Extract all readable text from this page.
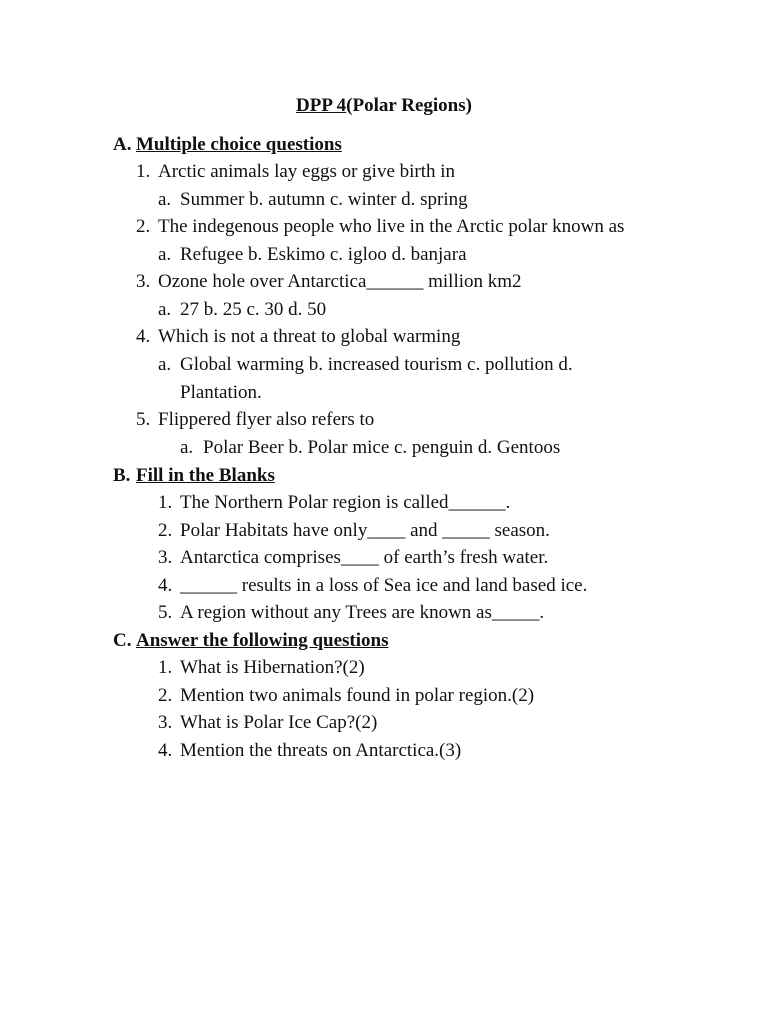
DPP 4(Polar Regions)
A. Multiple choice questions
1. Arctic animals lay eggs or give birth in
a. Summer b. autumn c. winter d. spring
2. The indegenous people who live in the Arctic polar known as
a. Refugee b. Eskimo c. igloo d. banjara
3. Ozone hole over Antarctica______ million km2
a. 27 b. 25 c. 30 d. 50
4. Which is not a threat to global warming
a. Global warming b. increased tourism c. pollution d.
Plantation.
5. Flippered flyer also refers to
a. Polar Beer b. Polar mice c. penguin d. Gentoos
B. Fill in the Blanks
1. The Northern Polar region is called______.
2. Polar Habitats have only____ and _____ season.
3. Antarctica comprises____ of earth’s fresh water.
4. ______ results in a loss of Sea ice and land based ice.
5. A region without any Trees are known as_____.
C. Answer the following questions
1. What is Hibernation?(2)
2. Mention two animals found in polar region.(2)
3. What is Polar Ice Cap?(2)
4. Mention the threats on Antarctica.(3)
